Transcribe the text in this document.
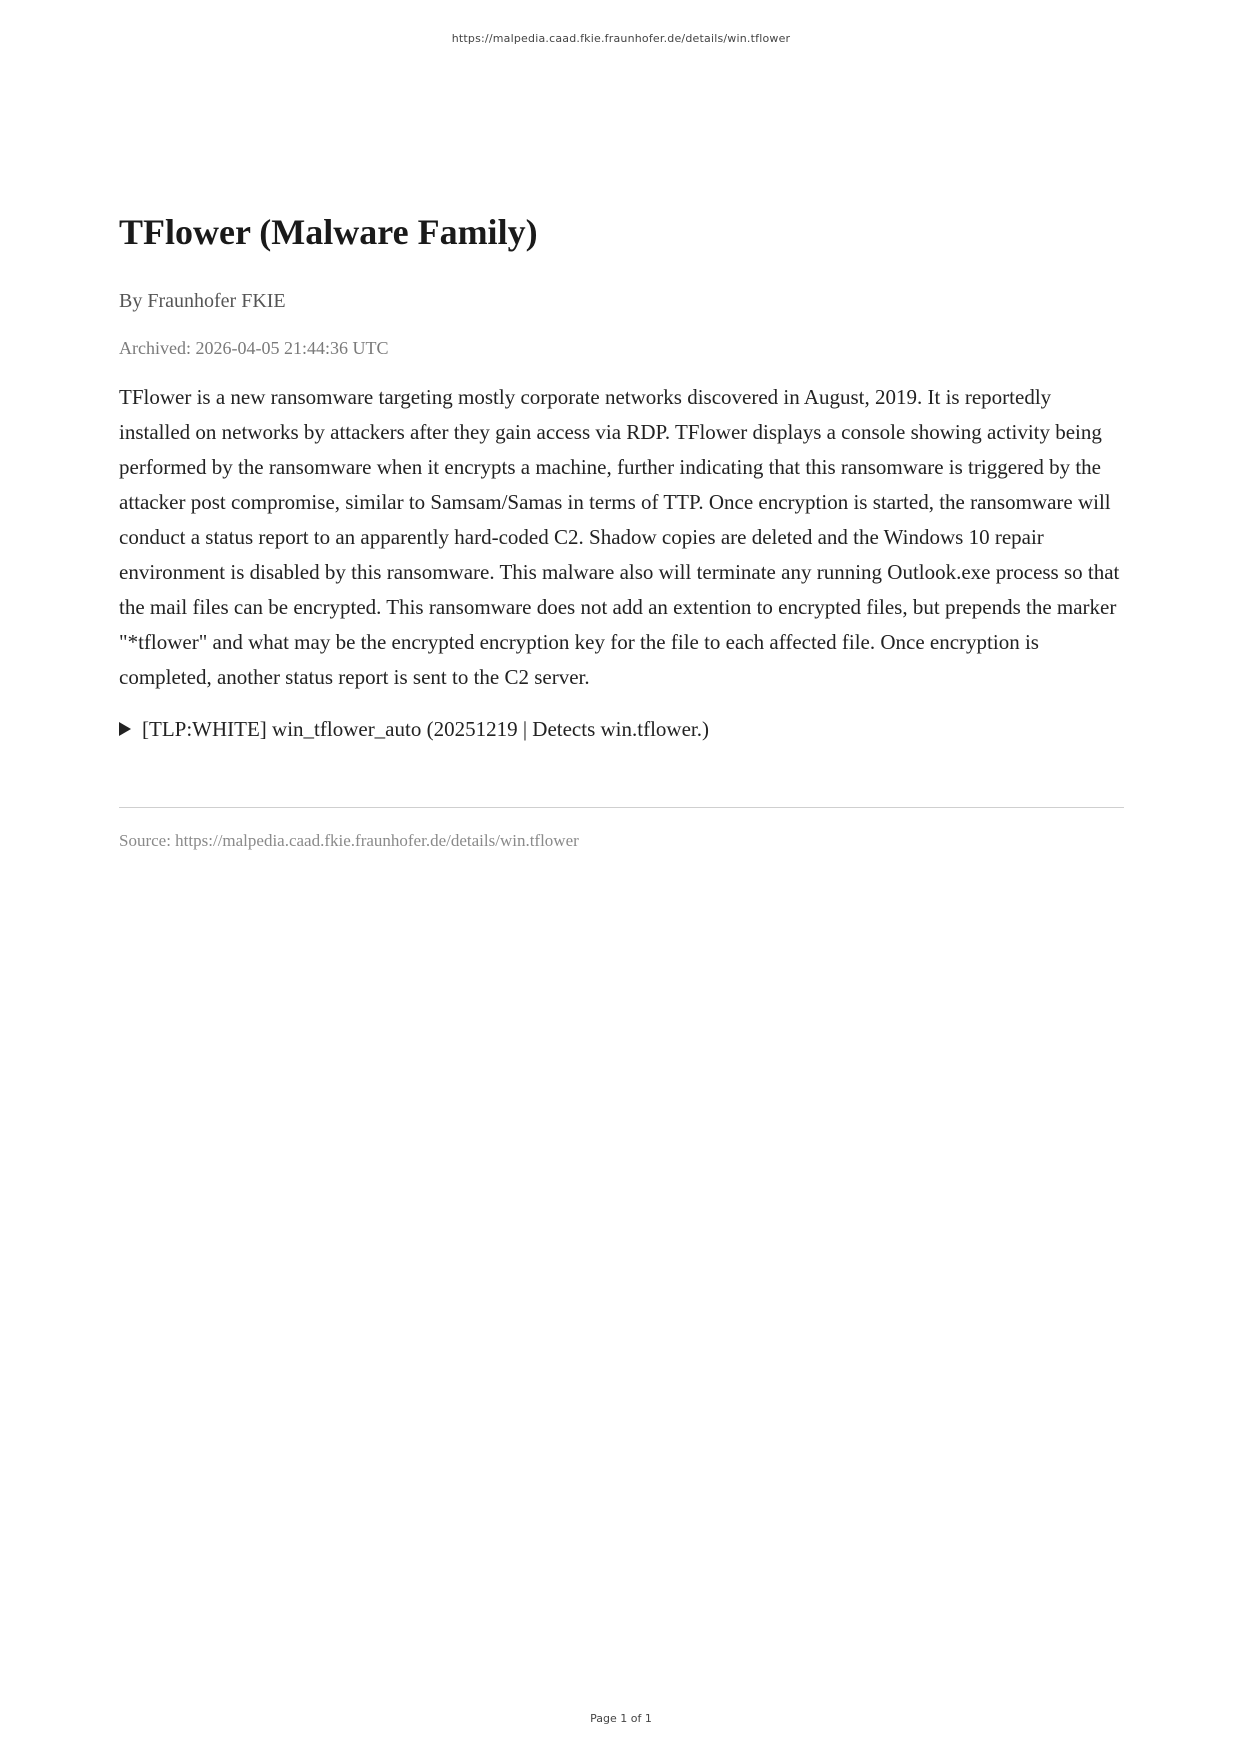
https://malpedia.caad.fkie.fraunhofer.de/details/win.tflower
TFlower (Malware Family)
By Fraunhofer FKIE
Archived: 2026-04-05 21:44:36 UTC
TFlower is a new ransomware targeting mostly corporate networks discovered in August, 2019. It is reportedly installed on networks by attackers after they gain access via RDP. TFlower displays a console showing activity being performed by the ransomware when it encrypts a machine, further indicating that this ransomware is triggered by the attacker post compromise, similar to Samsam/Samas in terms of TTP. Once encryption is started, the ransomware will conduct a status report to an apparently hard-coded C2. Shadow copies are deleted and the Windows 10 repair environment is disabled by this ransomware. This malware also will terminate any running Outlook.exe process so that the mail files can be encrypted. This ransomware does not add an extention to encrypted files, but prepends the marker "*tflower" and what may be the encrypted encryption key for the file to each affected file. Once encryption is completed, another status report is sent to the C2 server.
[TLP:WHITE] win_tflower_auto (20251219 | Detects win.tflower.)
Source: https://malpedia.caad.fkie.fraunhofer.de/details/win.tflower
Page 1 of 1
